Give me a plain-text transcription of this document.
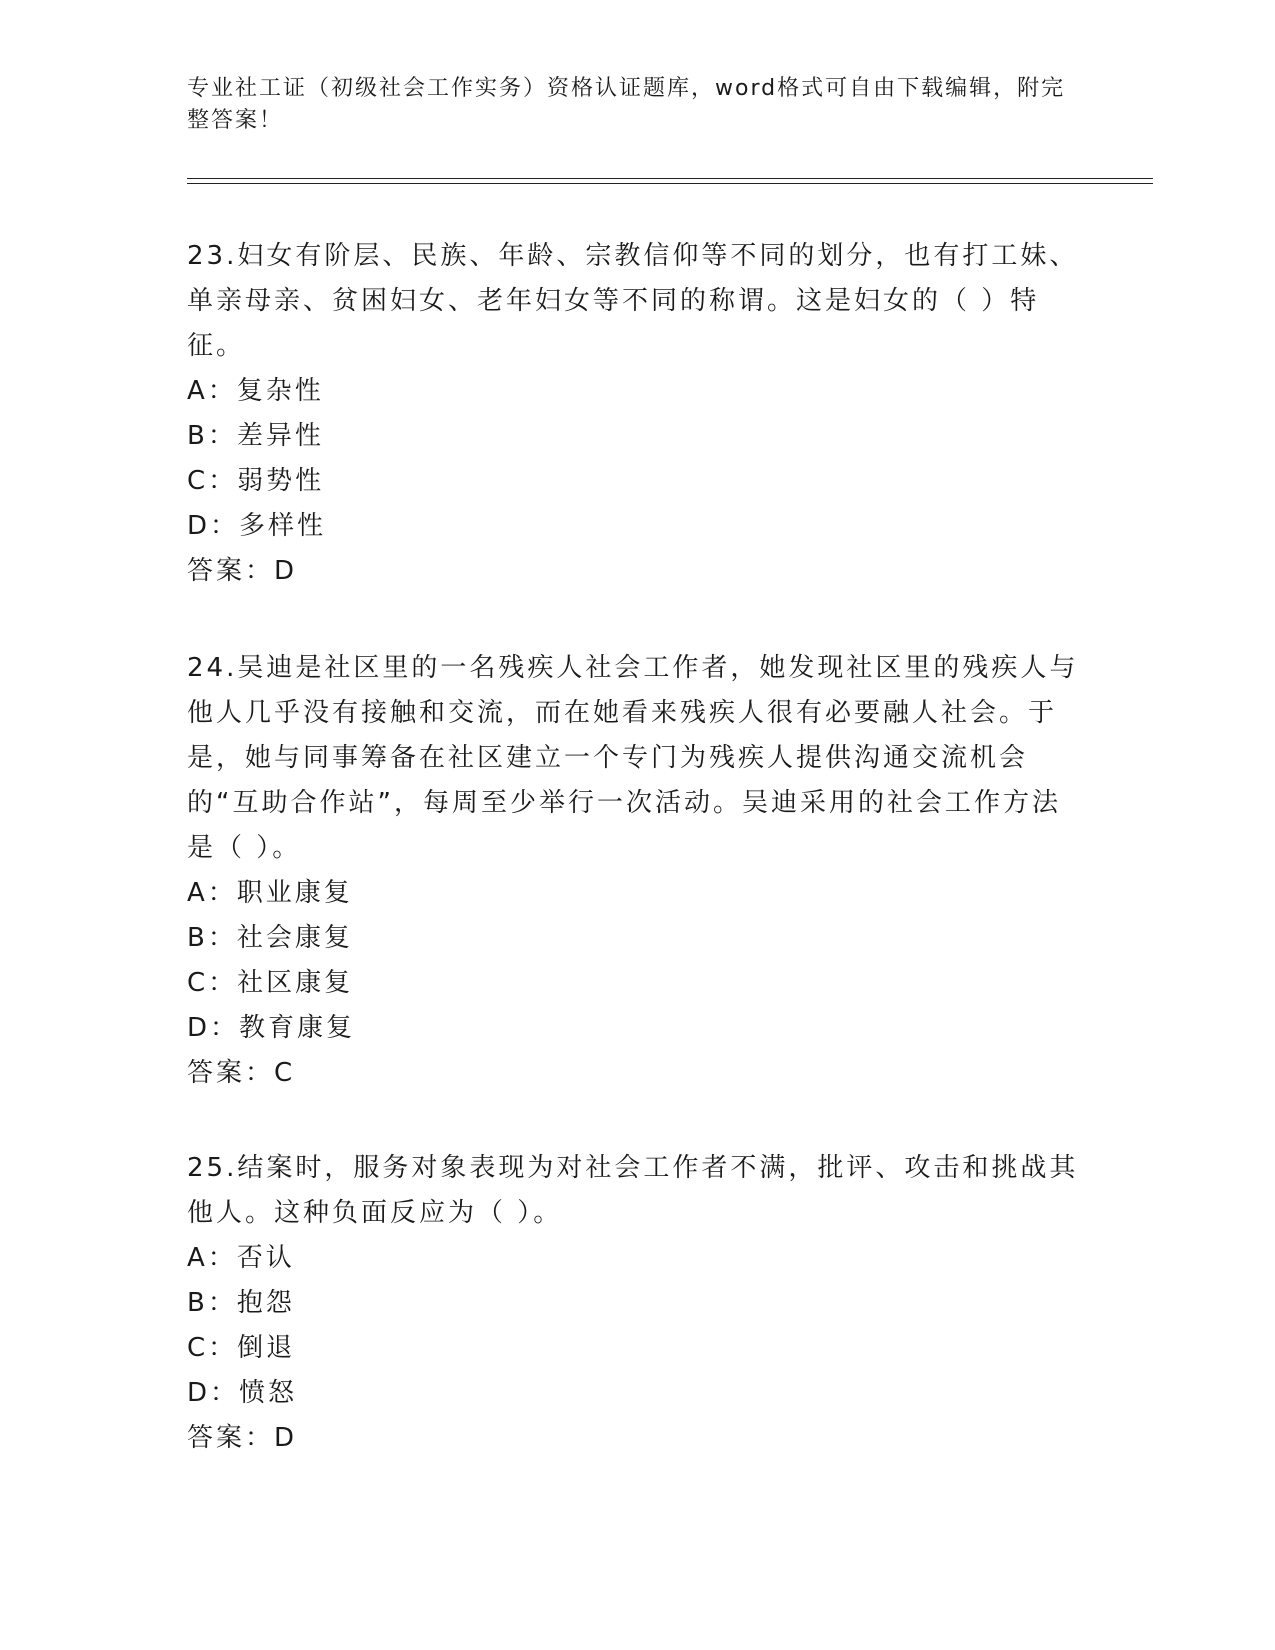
专业社工证（初级社会工作实务）资格认证题库，word格式可自由下载编辑，附完整答案！

23.妇女有阶层、民族、年龄、宗教信仰等不同的划分，也有打工妹、单亲母亲、贫困妇女、老年妇女等不同的称谓。这是妇女的（ ）特征。

A：复杂性

B：差异性

C：弱势性

D：多样性

答案：D

24.吴迪是社区里的一名残疾人社会工作者，她发现社区里的残疾人与他人几乎没有接触和交流，而在她看来残疾人很有必要融人社会。于是，她与同事筹备在社区建立一个专门为残疾人提供沟通交流机会的“互助合作站”，每周至少举行一次活动。吴迪采用的社会工作方法是（ ）。

A：职业康复

B：社会康复

C：社区康复

D：教育康复

答案：C

25.结案时，服务对象表现为对社会工作者不满，批评、攻击和挑战其他人。这种负面反应为（ ）。

A：否认

B：抱怨

C：倒退

D：愤怒

答案：D
